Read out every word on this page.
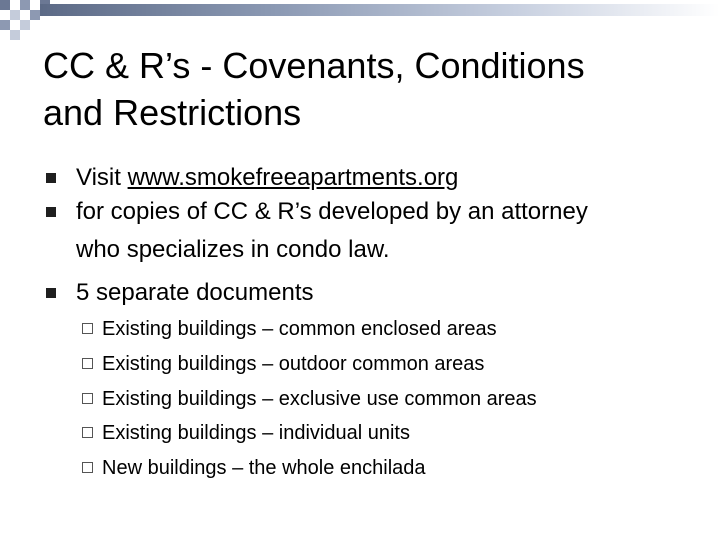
CC & R’s - Covenants, Conditions
and Restrictions
Visit www.smokefreeapartments.org
for copies of CC & R’s developed by an attorney
who specializes in condo law.
5 separate documents
Existing buildings – common enclosed areas
Existing buildings – outdoor common areas
Existing buildings – exclusive use common areas
Existing buildings – individual units
New buildings – the whole enchilada
